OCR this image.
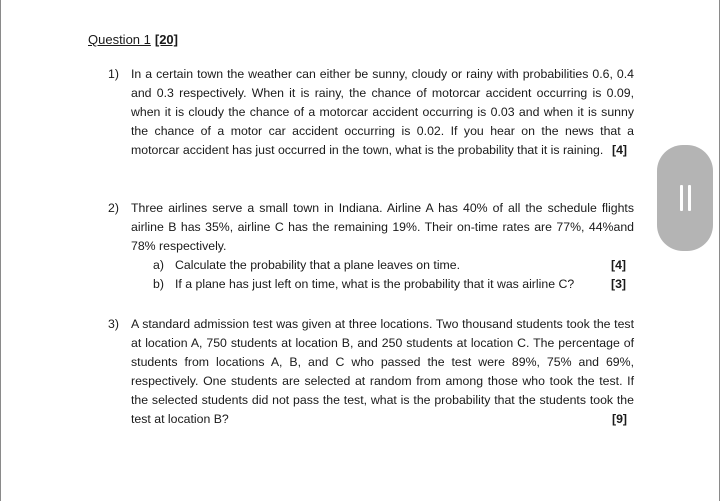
Question 1 [20]
1) In a certain town the weather can either be sunny, cloudy or rainy with probabilities 0.6, 0.4 and 0.3 respectively. When it is rainy, the chance of motorcar accident occurring is 0.09, when it is cloudy the chance of a motorcar accident occurring is 0.03 and when it is sunny the chance of a motor car accident occurring is 0.02. If you hear on the news that a motorcar accident has just occurred in the town, what is the probability that it is raining. [4]
2) Three airlines serve a small town in Indiana. Airline A has 40% of all the schedule flights airline B has 35%, airline C has the remaining 19%. Their on-time rates are 77%, 44%and 78% respectively.
a) Calculate the probability that a plane leaves on time.	[4]
b) If a plane has just left on time, what is the probability that it was airline C?	[3]
3) A standard admission test was given at three locations. Two thousand students took the test at location A, 750 students at location B, and 250 students at location C. The percentage of students from locations A, B, and C who passed the test were 89%, 75% and 69%, respectively. One students are selected at random from among those who took the test. If the selected students did not pass the test, what is the probability that the students took the test at location B?	[9]
